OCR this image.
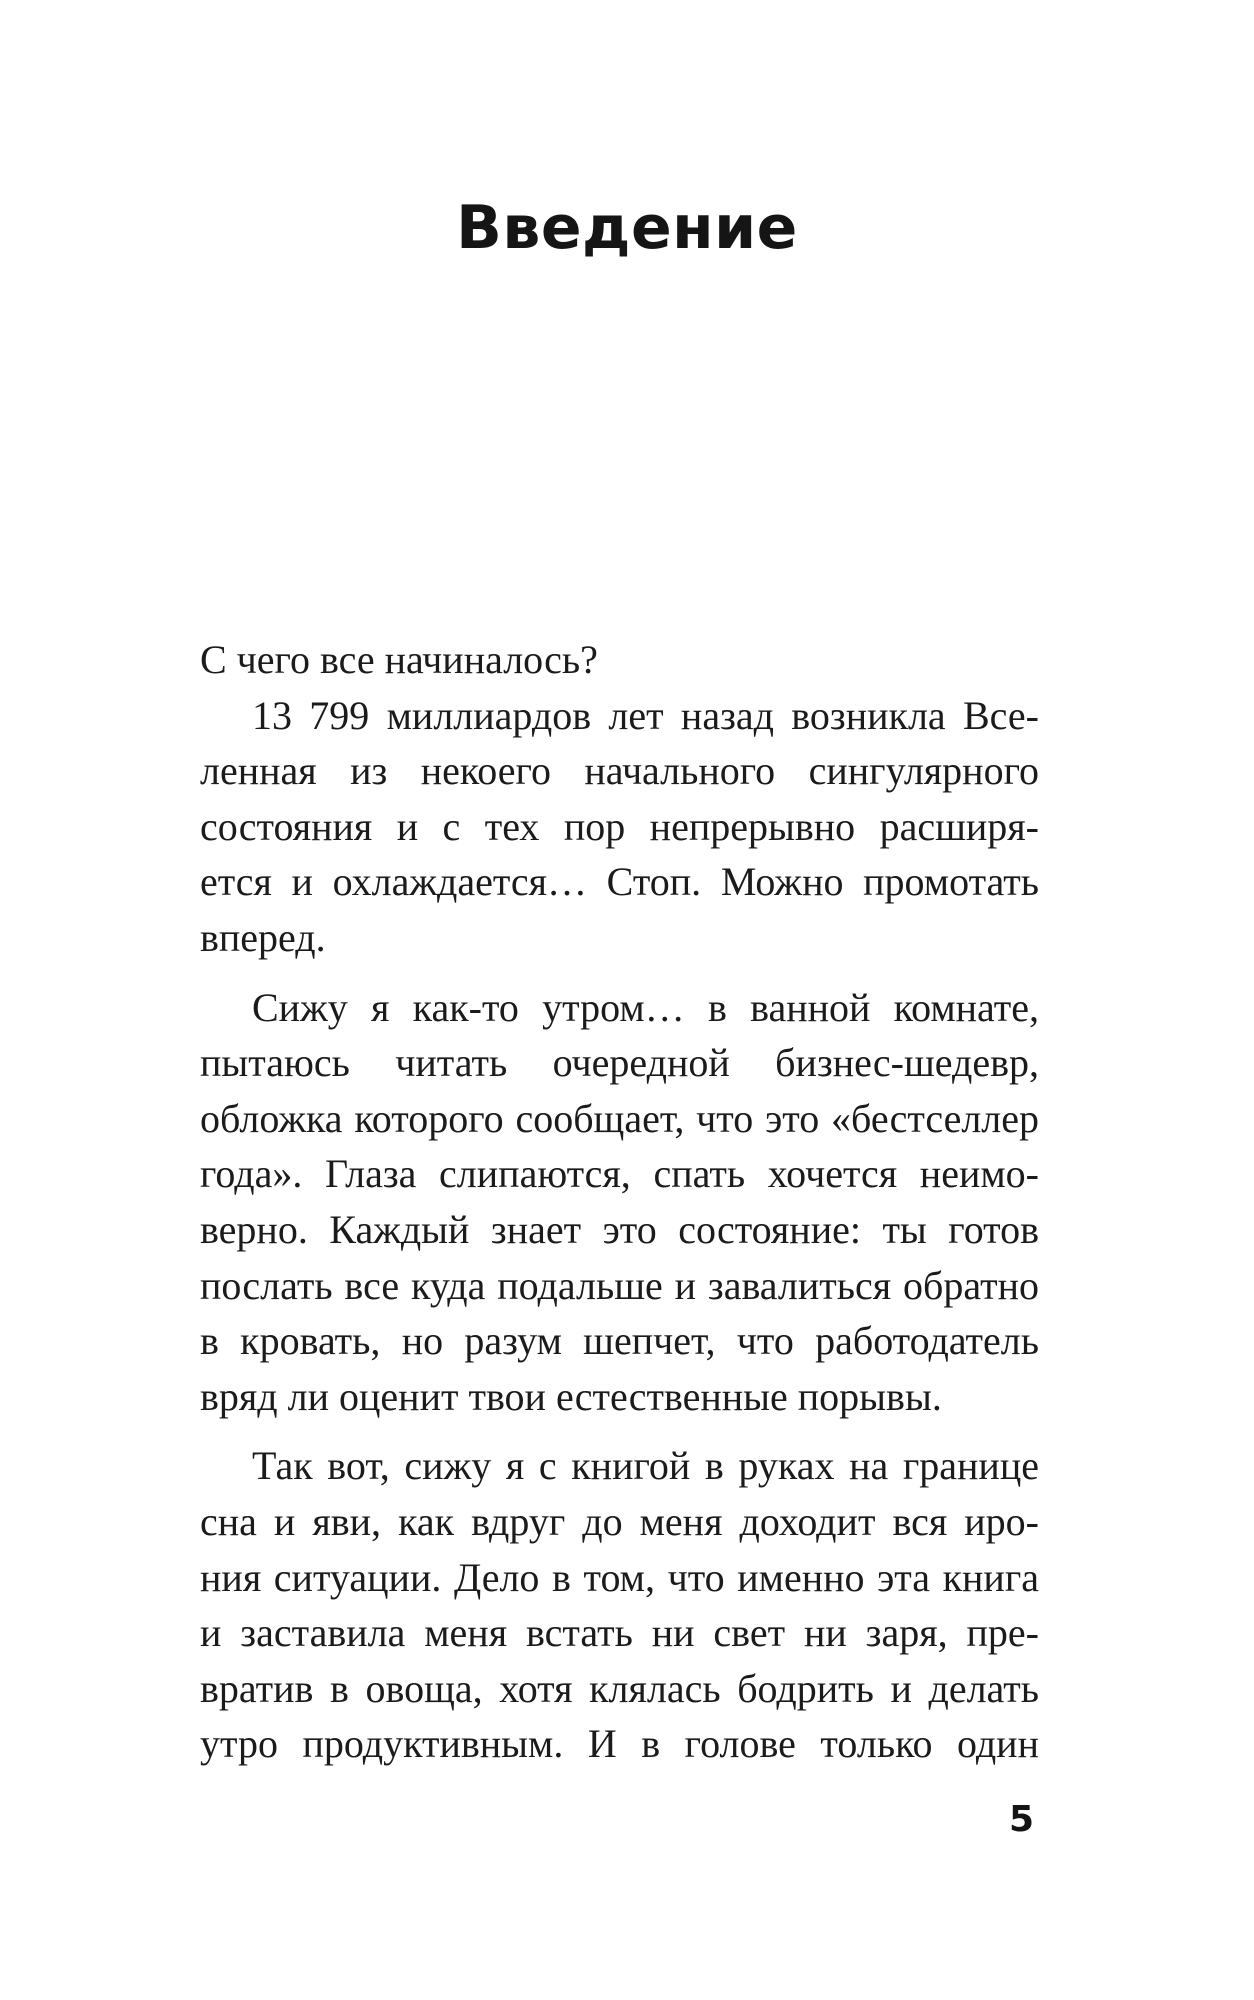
Введение
С чего все начиналось?
13 799 миллиардов лет назад возникла Все-
ленная из некоего начального сингулярного
состояния и с тех пор непрерывно расширя-
ется и охлаждается… Стоп. Можно промотать
вперед.
Сижу я как-то утром… в ванной комнате,
пытаюсь читать очередной бизнес-шедевр,
обложка которого сообщает, что это «бестселлер
года». Глаза слипаются, спать хочется неимо-
верно. Каждый знает это состояние: ты готов
послать все куда подальше и завалиться обратно
в кровать, но разум шепчет, что работодатель
вряд ли оценит твои естественные порывы.
Так вот, сижу я с книгой в руках на границе
сна и яви, как вдруг до меня доходит вся иро-
ния ситуации. Дело в том, что именно эта книга
и заставила меня встать ни свет ни заря, пре-
вратив в овоща, хотя клялась бодрить и делать
утро продуктивным. И в голове только один
5
